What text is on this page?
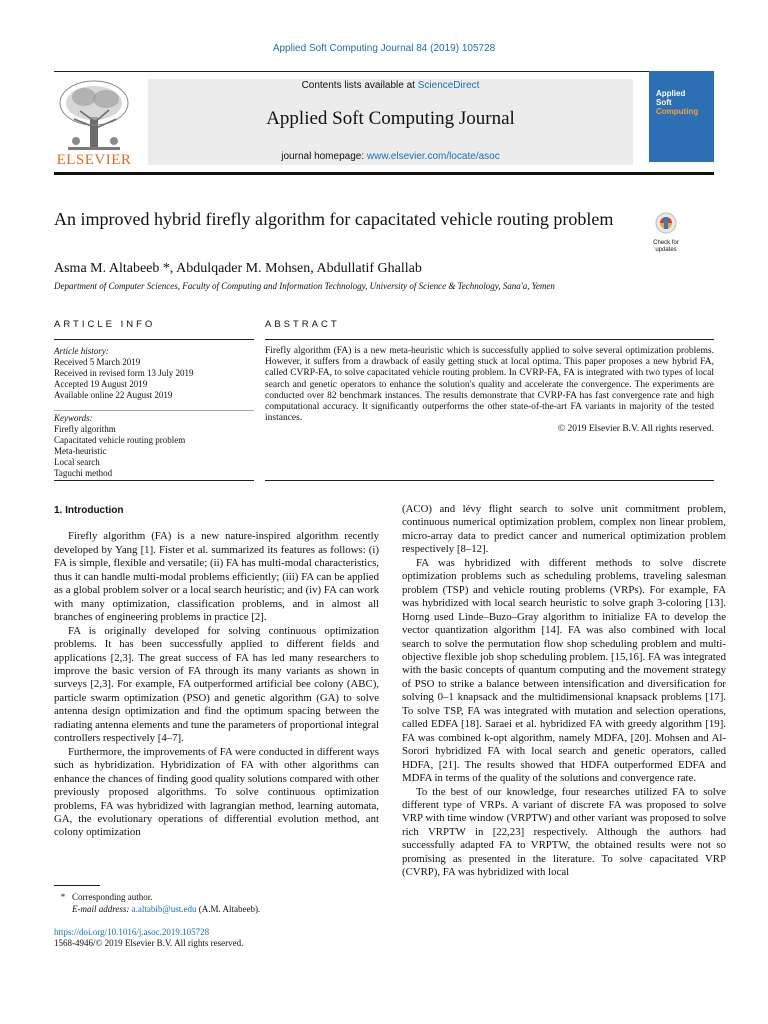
Applied Soft Computing Journal 84 (2019) 105728
ELSEVIER
Contents lists available at ScienceDirect
Applied Soft Computing Journal
journal homepage: www.elsevier.com/locate/asoc
Applied
Soft
Computing
An improved hybrid firefly algorithm for capacitated vehicle routing problem
Check for
updates
Asma M. Altabeeb *, Abdulqader M. Mohsen, Abdullatif Ghallab
Department of Computer Sciences, Faculty of Computing and Information Technology, University of Science & Technology, Sana'a, Yemen
ARTICLE INFO	ABSTRACT
Article history:
Received 5 March 2019
Received in revised form 13 July 2019
Accepted 19 August 2019
Available online 22 August 2019
Keywords:
Firefly algorithm
Capacitated vehicle routing problem
Meta-heuristic
Local search
Taguchi method
Firefly algorithm (FA) is a new meta-heuristic which is successfully applied to solve several optimization problems. However, it suffers from a drawback of easily getting stuck at local optima. This paper proposes a new hybrid FA, called CVRP-FA, to solve capacitated vehicle routing problem. In CVRP-FA, FA is integrated with two types of local search and genetic operators to enhance the solution's quality and accelerate the convergence. The experiments are conducted over 82 benchmark instances. The results demonstrate that CVRP-FA has fast convergence rate and high computational accuracy. It significantly outperforms the other state-of-the-art FA variants in majority of the tested instances.
© 2019 Elsevier B.V. All rights reserved.

1. Introduction

Firefly algorithm (FA) is a new nature-inspired algorithm recently developed by Yang [1]. Fister et al. summarized its features as follows: (i) FA is simple, flexible and versatile; (ii) FA has multi-modal characteristics, thus it can handle multi-modal problems efficiently; (iii) FA can be applied as a global problem solver or a local search heuristic; and (iv) FA can work with many optimization, classification problems, and in almost all branches of engineering problems in practice [2].

FA is originally developed for solving continuous optimization problems. It has been successfully applied to different fields and applications [2,3]. The great success of FA has led many researchers to improve the basic version of FA through its many variants as shown in surveys [2,3]. For example, FA outperformed artificial bee colony (ABC), particle swarm optimization (PSO) and genetic algorithm (GA) to solve antenna design optimization and find the optimum spacing between the radiating antenna elements and tune the parameters of proportional integral controllers respectively [4–7].

Furthermore, the improvements of FA were conducted in different ways such as hybridization. Hybridization of FA with other algorithms can enhance the chances of finding good quality solutions compared with other previously proposed algorithms. To solve continuous optimization problems, FA was hybridized with lagrangian method, learning automata, GA, the evolutionary operations of differential evolution method, ant colony optimization

(ACO) and lévy flight search to solve unit commitment problem, continuous numerical optimization problem, complex non linear problem, micro-array data to predict cancer and numerical optimization problem respectively [8–12].

FA was hybridized with different methods to solve discrete optimization problems such as scheduling problems, traveling salesman problem (TSP) and vehicle routing problems (VRPs). For example, FA was hybridized with local search heuristic to solve graph 3-coloring [13]. Horng used Linde–Buzo–Gray algorithm to initialize FA to develop the vector quantization algorithm [14]. FA was also combined with local search to solve the permutation flow shop scheduling problem and multi-objective flexible job shop scheduling problem. [15,16]. FA was integrated with the basic concepts of quantum computing and the movement strategy of PSO to strike a balance between intensification and diversification for solving 0–1 knapsack and the multidimensional knapsack problems [17]. To solve TSP, FA was integrated with mutation and selection operations, called EDFA [18]. Saraei et al. hybridized FA with greedy algorithm [19]. FA was combined k-opt algorithm, namely MDFA, [20]. Mohsen and Al-Sorori hybridized FA with local search and genetic operators, called HDFA, [21]. The results showed that HDFA outperformed EDFA and MDFA in terms of the quality of the solutions and convergence rate.

To the best of our knowledge, four researches utilized FA to solve different type of VRPs. A variant of discrete FA was proposed to solve VRP with time window (VRPTW) and other variant was proposed to solve rich VRPTW in [22,23] respectively. Although the authors had successfully adapted FA to VRPTW, the obtained results were not so promising as presented in the literature. To solve capacitated VRP (CVRP), FA was hybridized with local

* Corresponding author.
E-mail address: a.altabib@ust.edu (A.M. Altabeeb).
https://doi.org/10.1016/j.asoc.2019.105728
1568-4946/© 2019 Elsevier B.V. All rights reserved.
